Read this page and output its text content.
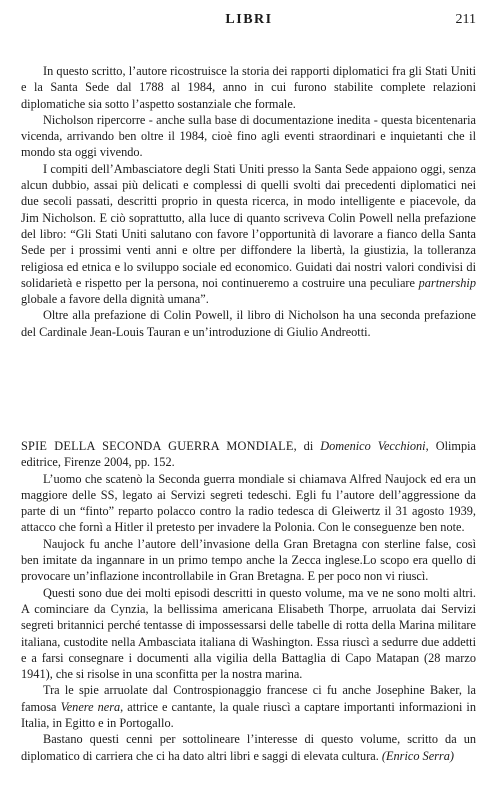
LIBRI	211

In questo scritto, l’autore ricostruisce la storia dei rapporti diplomatici fra gli Stati Uniti e la Santa Sede dal 1788 al 1984, anno in cui furono stabilite complete relazioni diplomatiche sia sotto l’aspetto sostanziale che formale.

Nicholson ripercorre - anche sulla base di documentazione inedita - questa bicentenaria vicenda, arrivando ben oltre il 1984, cioè fino agli eventi straordinari e inquietanti che il mondo sta oggi vivendo.

I compiti dell’Ambasciatore degli Stati Uniti presso la Santa Sede appaiono oggi, senza alcun dubbio, assai più delicati e complessi di quelli svolti dai precedenti diplomatici nei due secoli passati, descritti proprio in questa ricerca, in modo intelligente e piacevole, da Jim Nicholson. E ciò soprattutto, alla luce di quanto scriveva Colin Powell nella prefazione del libro: “Gli Stati Uniti salutano con favore l’opportunità di lavorare a fianco della Santa Sede per i prossimi venti anni e oltre per diffondere la libertà, la giustizia, la tolleranza religiosa ed etnica e lo sviluppo sociale ed economico. Guidati dai nostri valori condivisi di solidarietà e rispetto per la persona, noi continueremo a costruire una peculiare partnership globale a favore della dignità umana”.

Oltre alla prefazione di Colin Powell, il libro di Nicholson ha una seconda prefazione del Cardinale Jean-Louis Tauran e un’introduzione di Giulio Andreotti.

SPIE DELLA SECONDA GUERRA MONDIALE, di Domenico Vecchioni, Olimpia editrice, Firenze 2004, pp. 152.

L’uomo che scatenò la Seconda guerra mondiale si chiamava Alfred Naujock ed era un maggiore delle SS, legato ai Servizi segreti tedeschi. Egli fu l’autore dell’aggressione da parte di un “finto” reparto polacco contro la radio tedesca di Gleiwertz il 31 agosto 1939, attacco che fornì a Hitler il pretesto per invadere la Polonia. Con le conseguenze ben note.

Naujock fu anche l’autore dell’invasione della Gran Bretagna con sterline false, così ben imitate da ingannare in un primo tempo anche la Zecca inglese.Lo scopo era quello di provocare un’inflazione incontrollabile in Gran Bretagna. E per poco non vi riuscì.

Questi sono due dei molti episodi descritti in questo volume, ma ve ne sono molti altri. A cominciare da Cynzia, la bellissima americana Elisabeth Thorpe, arruolata dai Servizi segreti britannici perché tentasse di impossessarsi delle tabelle di rotta della Marina militare italiana, custodite nella Ambasciata italiana di Washington. Essa riuscì a sedurre due addetti e a farsi consegnare i documenti alla vigilia della Battaglia di Capo Matapan (28 marzo 1941), che si risolse in una sconfitta per la nostra marina.

Tra le spie arruolate dal Controspionaggio francese ci fu anche Josephine Baker, la famosa Venere nera, attrice e cantante, la quale riuscì a captare importanti informazioni in Italia, in Egitto e in Portogallo.

Bastano questi cenni per sottolineare l’interesse di questo volume, scritto da un diplomatico di carriera che ci ha dato altri libri e saggi di elevata cultura. (Enrico Serra)
